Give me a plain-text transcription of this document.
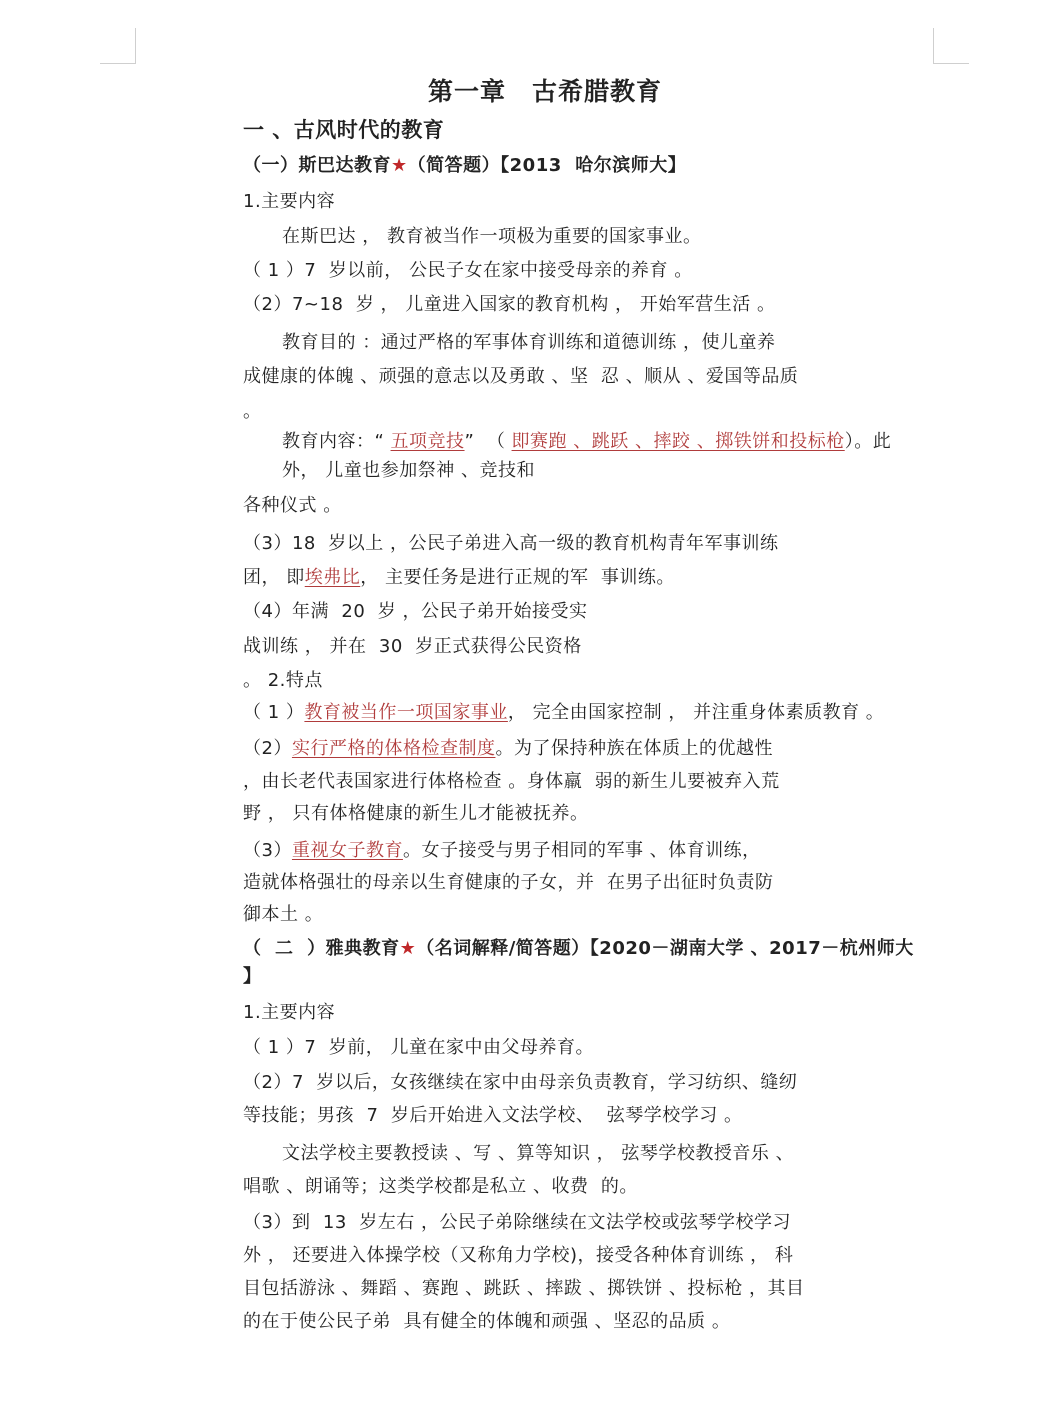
第一章　古希腊教育
一 、古风时代的教育
（一）斯巴达教育★（简答题）【2013  哈尔滨师大】
1.主要内容
在斯巴达 ， 教育被当作一项极为重要的国家事业。
（ 1 ）7  岁以前， 公民子女在家中接受母亲的养育 。
（2）7~18  岁 ， 儿童进入国家的教育机构 ， 开始军营生活 。
教育目的 ：通过严格的军事体育训练和道德训练 ，使儿童养
成健康的体魄 、顽强的意志以及勇敢 、坚  忍 、顺从 、爱国等品质
。
教育内容：“ 五项竞技”  （ 即赛跑 、跳跃 、摔跤 、掷铁饼和投标枪）。此
外， 儿童也参加祭神 、竞技和
各种仪式 。
（3）18  岁以上 ，公民子弟进入高一级的教育机构青年军事训练
团， 即埃弗比， 主要任务是进行正规的军  事训练。
（4）年满  20  岁 ，公民子弟开始接受实
战训练 ， 并在  30  岁正式获得公民资格
。 2.特点
（ 1 ）教育被当作一项国家事业， 完全由国家控制 ， 并注重身体素质教育 。
（2）实行严格的体格检查制度。为了保持种族在体质上的优越性
，由长老代表国家进行体格检查 。身体羸  弱的新生儿要被弃入荒
野 ， 只有体格健康的新生儿才能被抚养。
（3）重视女子教育。女子接受与男子相同的军事 、体育训练，
造就体格强壮的母亲以生育健康的子女，并  在男子出征时负责防
御本土 。
（  二  ）雅典教育★（名词解释/简答题）【2020－湖南大学 、2017－杭州师大
】
1.主要内容
（ 1 ）7  岁前， 儿童在家中由父母养育。
（2）7  岁以后，女孩继续在家中由母亲负责教育，学习纺织、缝纫
等技能；男孩  7  岁后开始进入文法学校、  弦琴学校学习 。
文法学校主要教授读 、写 、算等知识 ， 弦琴学校教授音乐 、
唱歌 、朗诵等；这类学校都是私立 、收费  的。
（3）到  13  岁左右 ，公民子弟除继续在文法学校或弦琴学校学习
外 ， 还要进入体操学校（又称角力学校)，接受各种体育训练 ， 科
目包括游泳 、舞蹈 、赛跑 、跳跃 、摔跋 、掷铁饼 、投标枪 ，其目
的在于使公民子弟  具有健全的体魄和顽强 、坚忍的品质 。
